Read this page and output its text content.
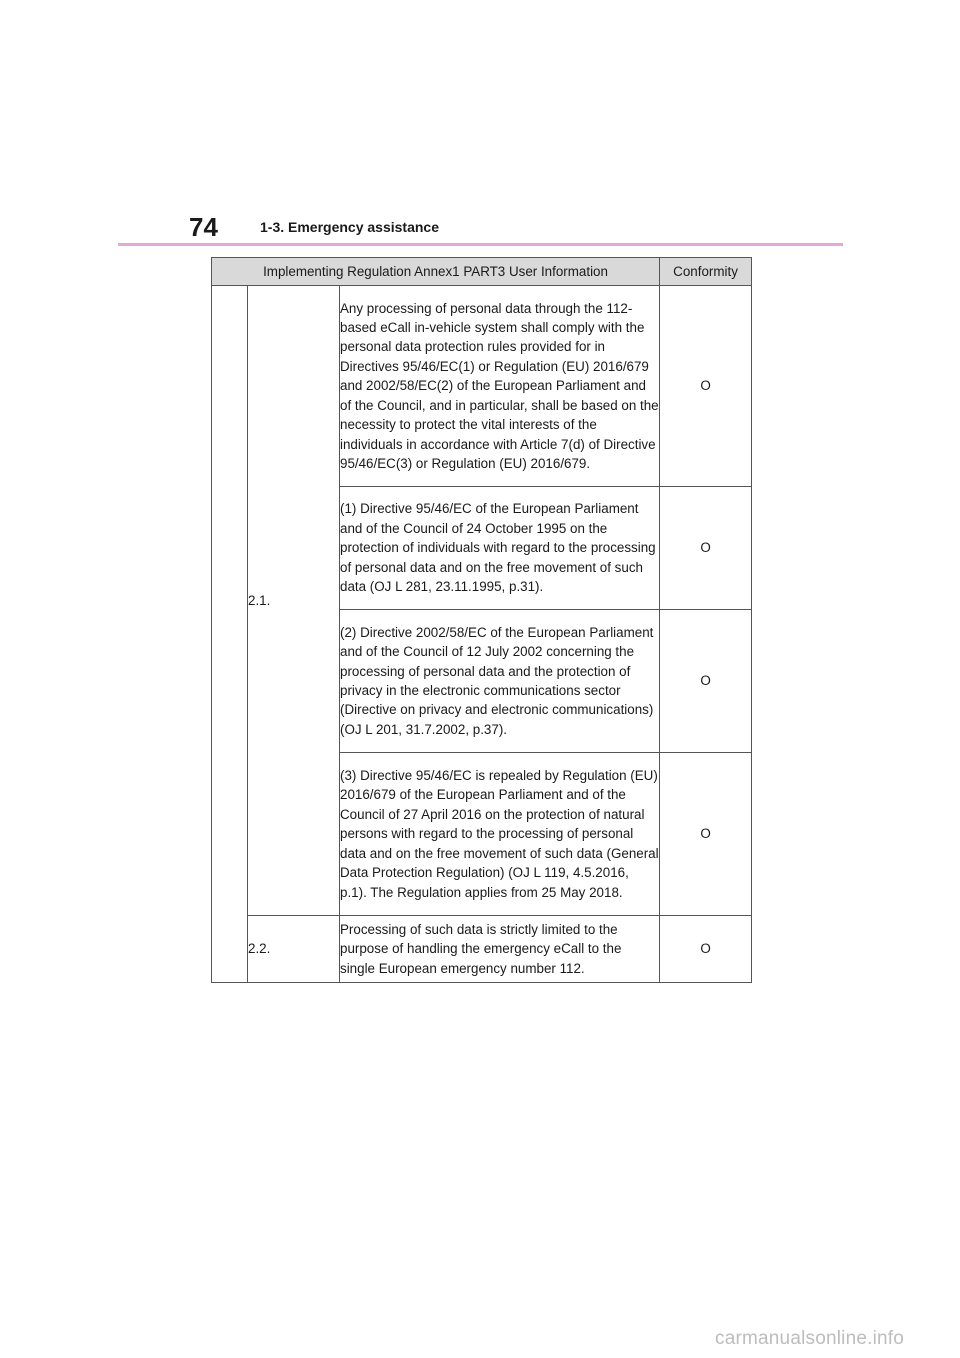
74	1-3. Emergency assistance
Implementing Regulation Annex1 PART3 User Information			Conformity
	2.1.	Any processing of personal data through the 112-based eCall in-vehicle system shall comply with the personal data protection rules provided for in Directives 95/46/EC(1) or Regulation (EU) 2016/679 and 2002/58/EC(2) of the European Parliament and of the Council, and in particular, shall be based on the necessity to protect the vital interests of the individuals in accordance with Article 7(d) of Directive 95/46/EC(3) or Regulation (EU) 2016/679.	O
		(1) Directive 95/46/EC of the European Parliament and of the Council of 24 October 1995 on the protection of individuals with regard to the processing of personal data and on the free movement of such data (OJ L 281, 23.11.1995, p.31).	O
		(2) Directive 2002/58/EC of the European Parliament and of the Council of 12 July 2002 concerning the processing of personal data and the protection of privacy in the electronic communications sector (Directive on privacy and electronic communications) (OJ L 201, 31.7.2002, p.37).	O
		(3) Directive 95/46/EC is repealed by Regulation (EU) 2016/679 of the European Parliament and of the Council of 27 April 2016 on the protection of natural persons with regard to the processing of personal data and on the free movement of such data (General Data Protection Regulation) (OJ L 119, 4.5.2016, p.1). The Regulation applies from 25 May 2018.	O
	2.2.	Processing of such data is strictly limited to the purpose of handling the emergency eCall to the single European emergency number 112.	O
carmanualsonline.info
